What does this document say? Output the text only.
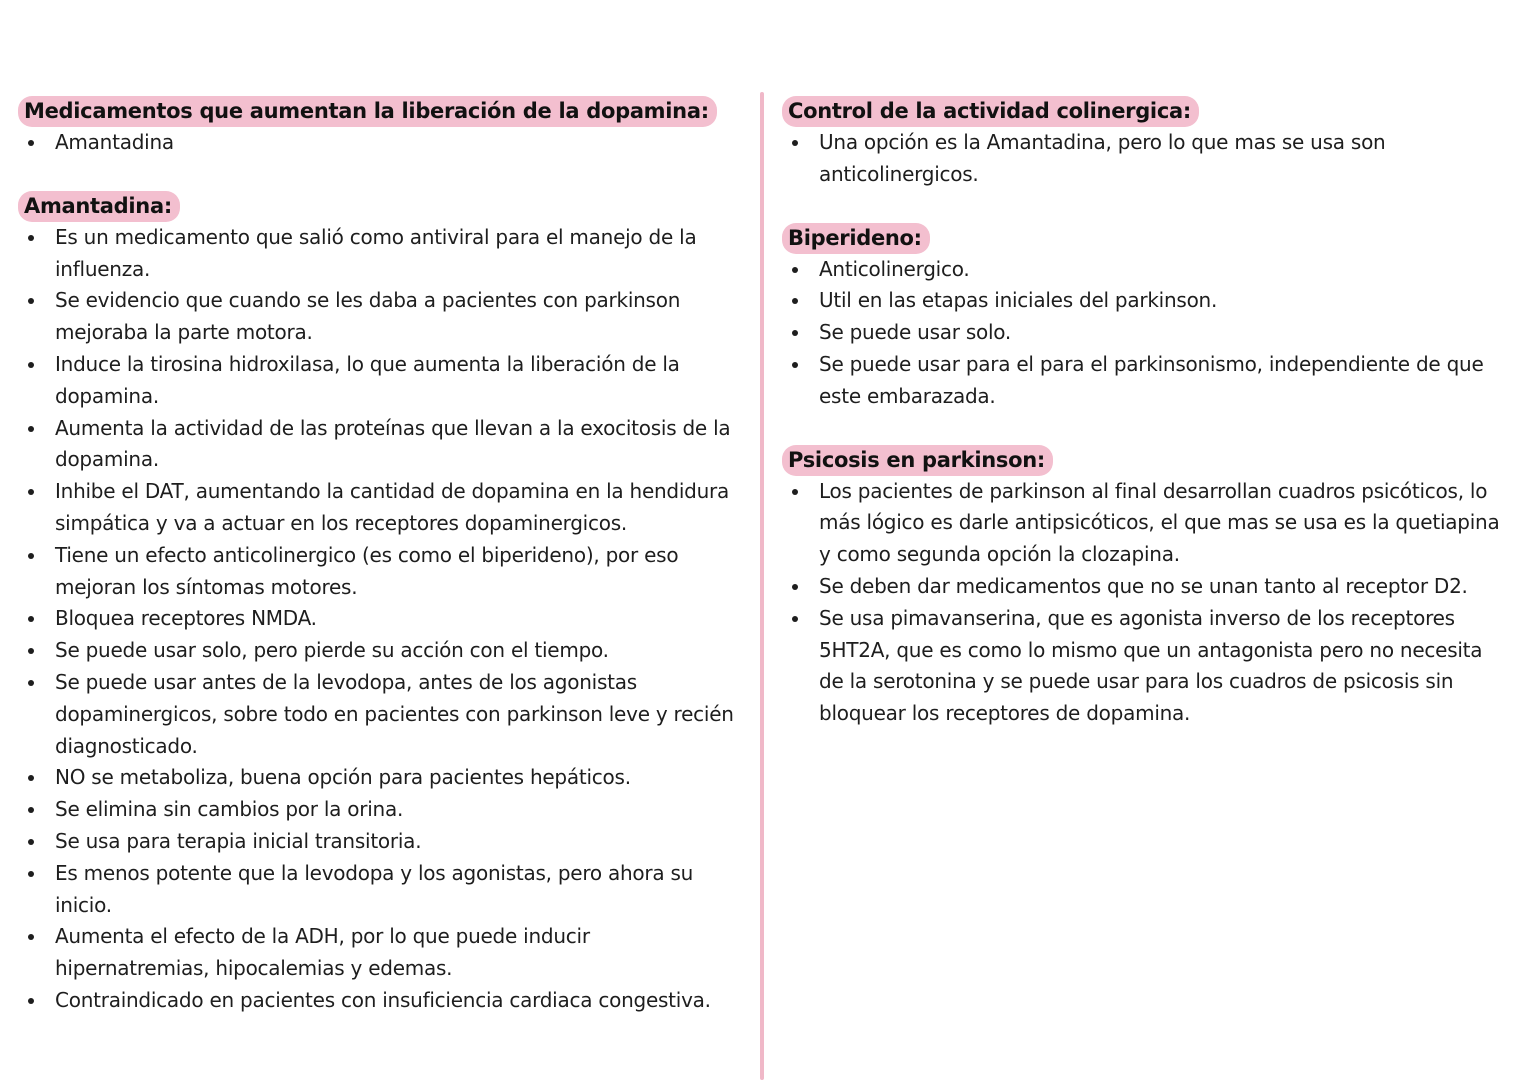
Medicamentos que aumentan la liberación de la dopamina:
Amantadina
Amantadina:
Es un medicamento que salió como antiviral para el manejo de la influenza.
Se evidencio que cuando se les daba a pacientes con parkinson mejoraba la parte motora.
Induce la tirosina hidroxilasa, lo que aumenta la liberación de la dopamina.
Aumenta la actividad de las proteínas que llevan a la exocitosis de la dopamina.
Inhibe el DAT, aumentando la cantidad de dopamina en la hendidura simpática y va a actuar en los receptores dopaminergicos.
Tiene un efecto anticolinergico (es como el biperideno), por eso mejoran los síntomas motores.
Bloquea receptores NMDA.
Se puede usar solo, pero pierde su acción con el tiempo.
Se puede usar antes de la levodopa, antes de los agonistas dopaminergicos, sobre todo en pacientes con parkinson leve y recién diagnosticado.
NO se metaboliza, buena opción para pacientes hepáticos.
Se elimina sin cambios por la orina.
Se usa para terapia inicial transitoria.
Es menos potente que la levodopa y los agonistas, pero ahora su inicio.
Aumenta el efecto de la ADH, por lo que puede inducir hipernatremias, hipocalemias y edemas.
Contraindicado en pacientes con insuficiencia cardiaca congestiva.
Control de la actividad colinergica:
Una opción es la Amantadina, pero lo que mas se usa son anticolinergicos.
Biperideno:
Anticolinergico.
Util en las etapas iniciales del parkinson.
Se puede usar solo.
Se puede usar para el para el parkinsonismo, independiente de que este embarazada.
Psicosis en parkinson:
Los pacientes de parkinson al final desarrollan cuadros psicóticos, lo más lógico es darle antipsicóticos, el que mas se usa es la quetiapina y como segunda opción la clozapina.
Se deben dar medicamentos que no se unan tanto al receptor D2.
Se usa pimavanserina, que es agonista inverso de los receptores 5HT2A, que es como lo mismo que un antagonista pero no necesita de la serotonina y se puede usar para los cuadros de psicosis sin bloquear los receptores de dopamina.
